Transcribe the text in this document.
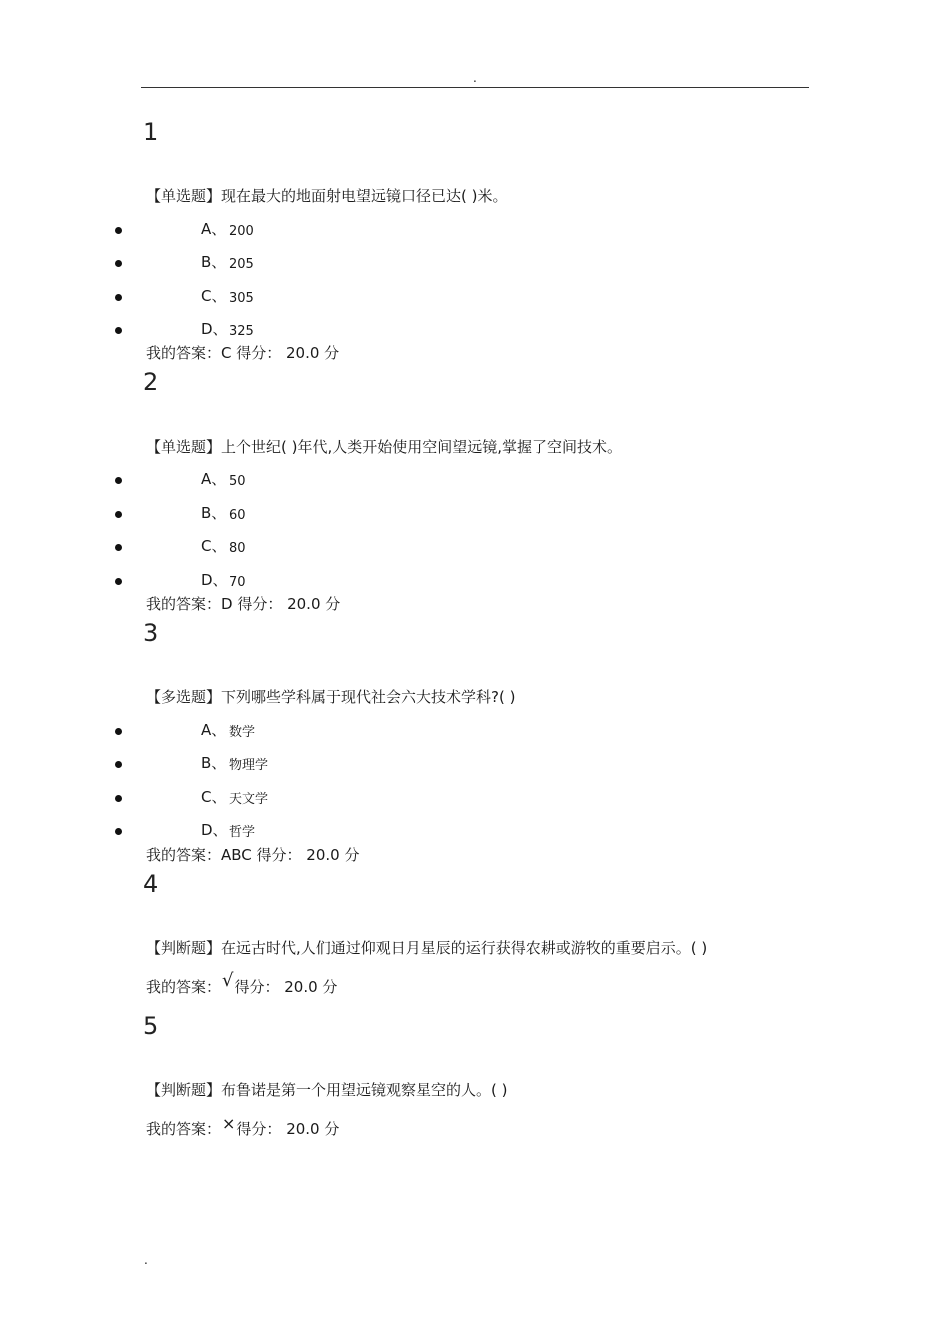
.
1
【单选题】现在最大的地面射电望远镜口径已达( )米。
A、 200
B、 205
C、 305
D、 325
我的答案：C 得分： 20.0 分
2
【单选题】上个世纪( )年代,人类开始使用空间望远镜,掌握了空间技术。
A、 50
B、 60
C、 80
D、 70
我的答案：D 得分： 20.0 分
3
【多选题】下列哪些学科属于现代社会六大技术学科?( )
A、 数学
B、 物理学
C、 天文学
D、 哲学
我的答案：ABC 得分： 20.0 分
4
【判断题】在远古时代,人们通过仰观日月星辰的运行获得农耕或游牧的重要启示。( )
我的答案：√得分： 20.0 分
5
【判断题】布鲁诺是第一个用望远镜观察星空的人。( )
我的答案：×得分： 20.0 分
.
